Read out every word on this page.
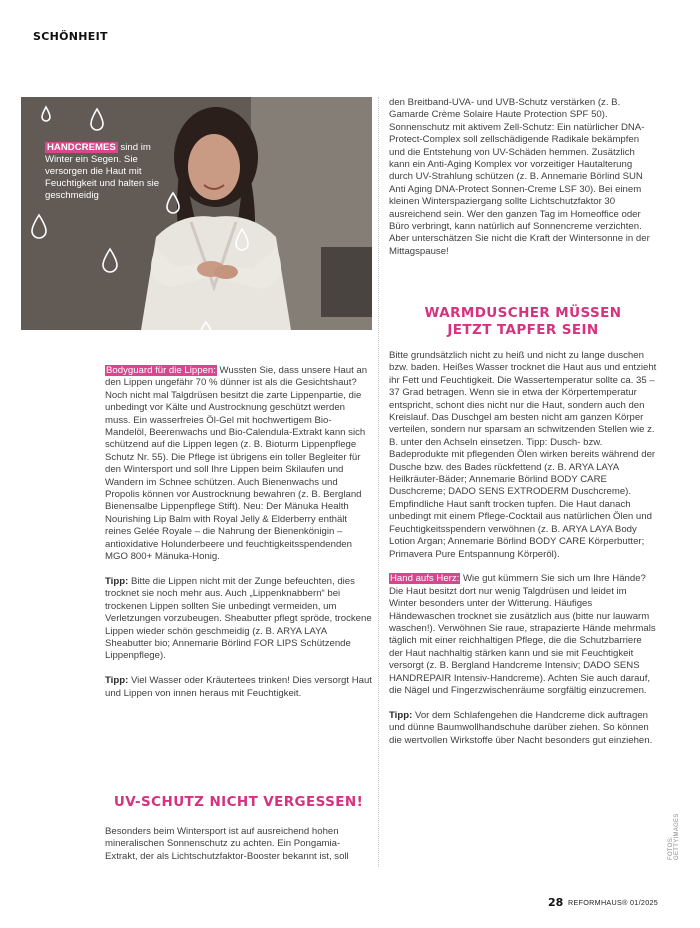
SCHÖNHEIT
HANDCREMES sind im Winter ein Segen. Sie versorgen die Haut mit Feuchtigkeit und halten sie geschmeidig

Bodyguard für die Lippen: Wussten Sie, dass unsere Haut an den Lippen ungefähr 70 % dünner ist als die Gesichtshaut? Noch nicht mal Talgdrüsen besitzt die zarte Lippenpartie, die unbedingt vor Kälte und Austrocknung geschützt werden muss. Ein wasserfreies Öl-Gel mit hochwertigem Bio-Mandelöl, Beerenwachs und Bio-Calendula-Extrakt kann sich schützend auf die Lippen legen (z. B. Bioturm Lippenpflege Schutz Nr. 55). Die Pflege ist übrigens ein toller Begleiter für den Wintersport und soll Ihre Lippen beim Skilaufen und Wandern im Schnee schützen. Auch Bienenwachs und Propolis können vor Austrocknung bewahren (z. B. Bergland Bienensalbe Lippenpflege Stift). Neu: Der Mänuka Health Nourishing Lip Balm with Royal Jelly & Elderberry enthält reines Gelée Royale – die Nahrung der Bienenkönigin – antioxidative Holunderbeere und feuchtigkeitsspendenden MGO 800+ Mänuka-Honig.

Tipp: Bitte die Lippen nicht mit der Zunge befeuchten, dies trocknet sie noch mehr aus. Auch „Lippenknabbern“ bei trockenen Lippen sollten Sie unbedingt vermeiden, um Verletzungen vorzubeugen. Sheabutter pflegt spröde, trockene Lippen wieder schön geschmeidig (z. B. ARYA LAYA Sheabutter bio; Annemarie Börlind FOR LIPS Schützende Lippenpflege).

Tipp: Viel Wasser oder Kräutertees trinken! Dies versorgt Haut und Lippen von innen heraus mit Feuchtigkeit.

UV-SCHUTZ NICHT VERGESSEN!

Besonders beim Wintersport ist auf ausreichend hohen mineralischen Sonnenschutz zu achten. Ein Pongamia-Extrakt, der als Lichtschutzfaktor-Booster bekannt ist, soll

den Breitband-UVA- und UVB-Schutz verstärken (z. B. Gamarde Crème Solaire Haute Protection SPF 50). Sonnenschutz mit aktivem Zell-Schutz: Ein natürlicher DNA-Protect-Complex soll zellschädigende Radikale bekämpfen und die Entstehung von UV-Schäden hemmen. Zusätzlich kann ein Anti-Aging Komplex vor vorzeitiger Hautalterung durch UV-Strahlung schützen (z. B. Annemarie Börlind SUN Anti Aging DNA-Protect Sonnen-Creme LSF 30). Bei einem kleinen Winterspaziergang sollte Lichtschutzfaktor 30 ausreichend sein. Wer den ganzen Tag im Homeoffice oder Büro verbringt, kann natürlich auf Sonnencreme verzichten. Aber unterschätzen Sie nicht die Kraft der Wintersonne in der Mittagspause!

WARMDUSCHER MÜSSEN
JETZT TAPFER SEIN

Bitte grundsätzlich nicht zu heiß und nicht zu lange duschen bzw. baden. Heißes Wasser trocknet die Haut aus und entzieht ihr Fett und Feuchtigkeit. Die Wassertemperatur sollte ca. 35 – 37 Grad betragen. Wenn sie in etwa der Körpertemperatur entspricht, schont dies nicht nur die Haut, sondern auch den Kreislauf. Das Duschgel am besten nicht am ganzen Körper verteilen, sondern nur sparsam an schwitzenden Stellen wie z. B. unter den Achseln einsetzen. Tipp: Dusch- bzw. Badeprodukte mit pflegenden Ölen wirken bereits während der Dusche bzw. des Bades rückfettend (z. B. ARYA LAYA Heilkräuter-Bäder; Annemarie Börlind BODY CARE Duschcreme; DADO SENS EXTRODERM Duschcreme). Empfindliche Haut sanft trocken tupfen. Die Haut danach unbedingt mit einem Pflege-Cocktail aus natürlichen Ölen und Feuchtigkeitsspendern verwöhnen (z. B. ARYA LAYA Body Lotion Argan; Annemarie Börlind BODY CARE Körperbutter; Primavera Pure Entspannung Körperöl).

Hand aufs Herz: Wie gut kümmern Sie sich um Ihre Hände? Die Haut besitzt dort nur wenig Talgdrüsen und leidet im Winter besonders unter der Witterung. Häufiges Händewaschen trocknet sie zusätzlich aus (bitte nur lauwarm waschen!). Verwöhnen Sie raue, strapazierte Hände mehrmals täglich mit einer reichhaltigen Pflege, die die Schutzbarriere der Haut nachhaltig stärken kann und sie mit Feuchtigkeit versorgt (z. B. Bergland Handcreme Intensiv; DADO SENS HANDREPAIR Intensiv-Handcreme). Achten Sie auch darauf, die Nägel und Fingerzwischenräume sorgfältig einzucremen.

Tipp: Vor dem Schlafengehen die Handcreme dick auftragen und dünne Baumwollhandschuhe darüber ziehen. So können die wertvollen Wirkstoffe über Nacht besonders gut einziehen.

FOTOS: GETTYIMAGES
28 REFORMHAUS® 01/2025
